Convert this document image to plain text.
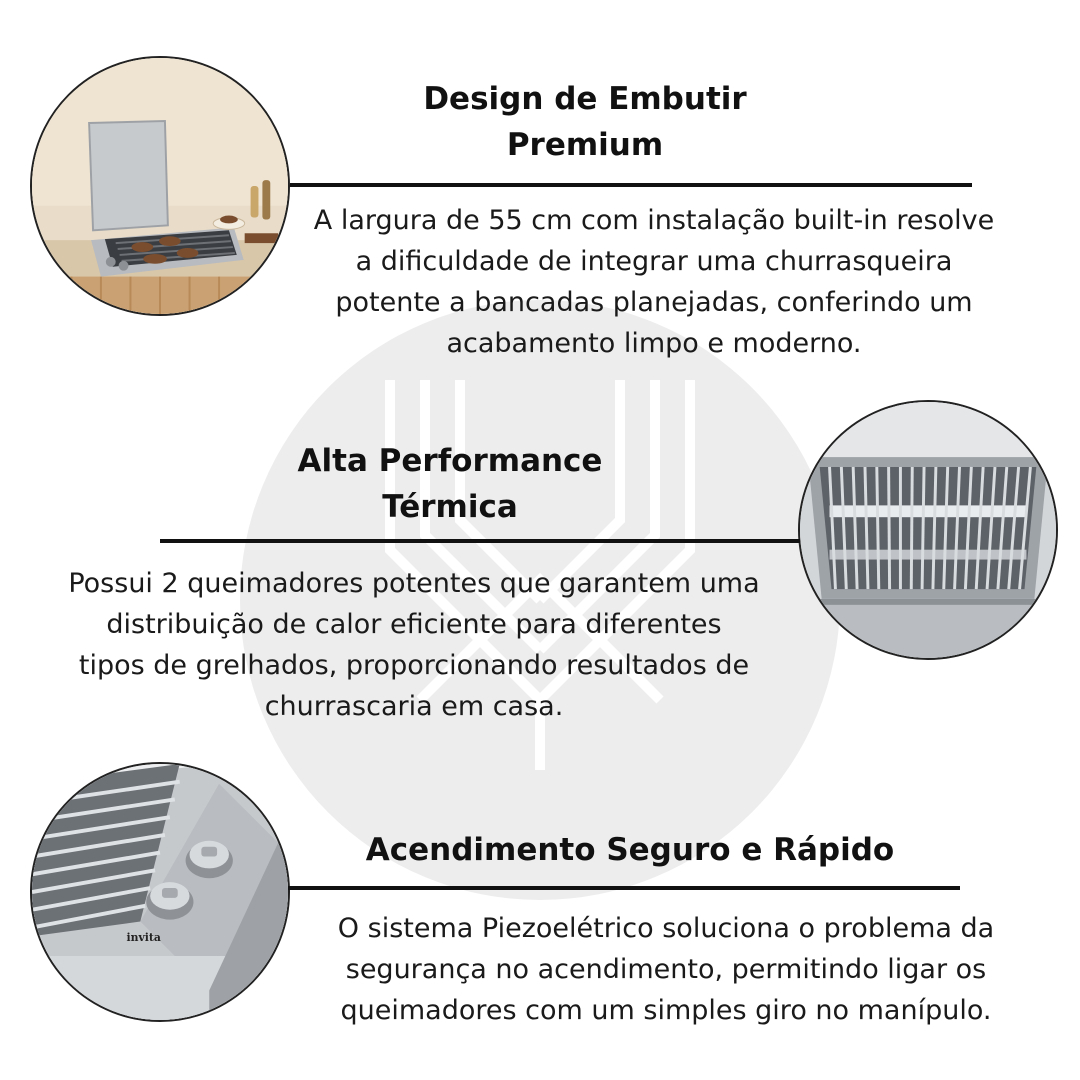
Design de Embutir
Premium

A largura de 55 cm com instalação built-in resolve
a dificuldade de integrar uma churrasqueira
potente a bancadas planejadas, conferindo um
acabamento limpo e moderno.

Alta Performance
Térmica

Possui 2 queimadores potentes que garantem uma
distribuição de calor eficiente para diferentes
tipos de grelhados, proporcionando resultados de
churrascaria em casa.

invita
Acendimento Seguro e Rápido

O sistema Piezoelétrico soluciona o problema da
segurança no acendimento, permitindo ligar os
queimadores com um simples giro no manípulo.
